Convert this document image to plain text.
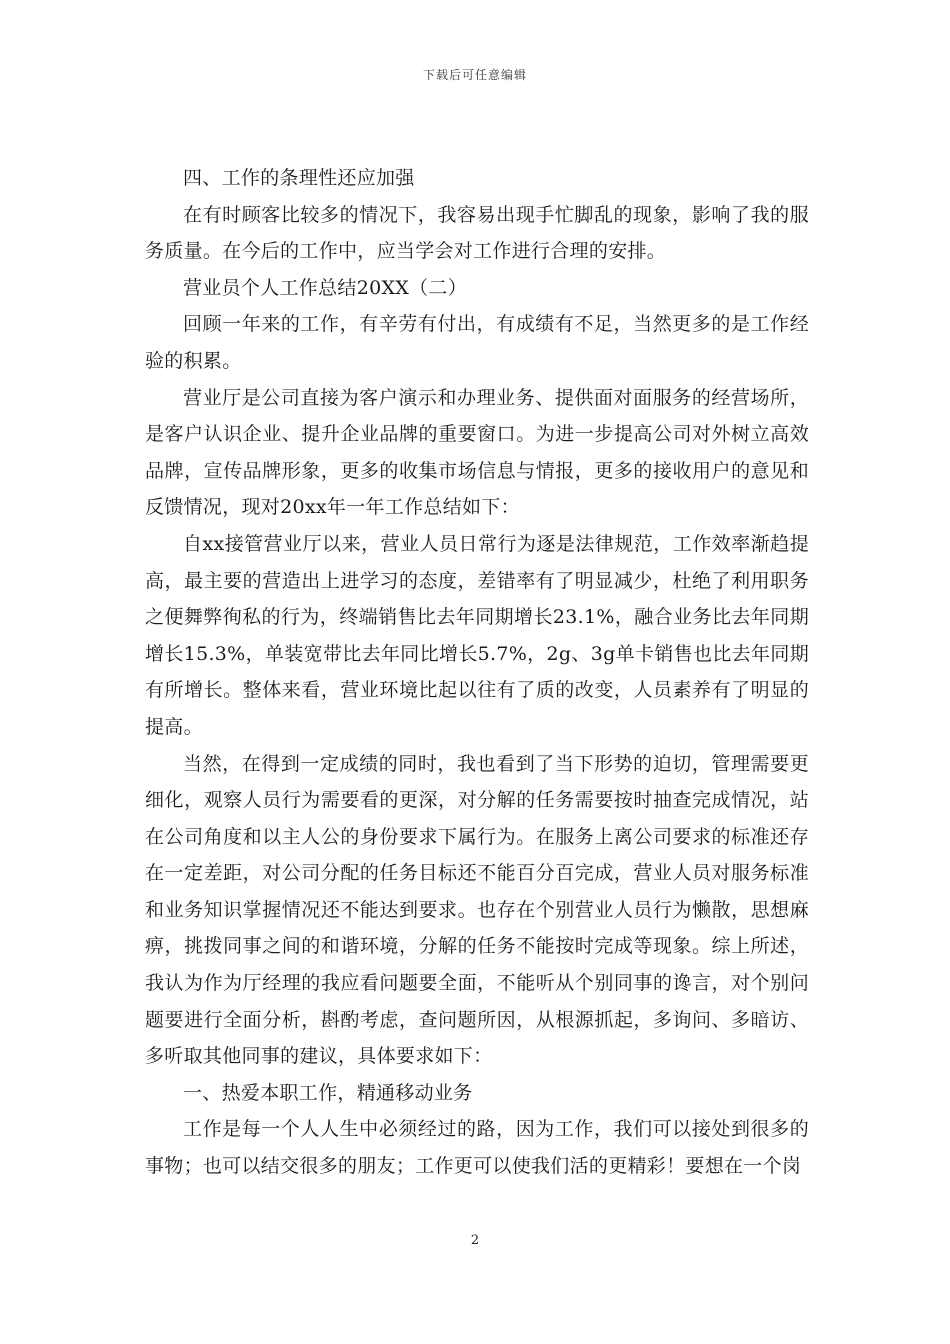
下载后可任意编辑

四、工作的条理性还应加强

在有时顾客比较多的情况下，我容易出现手忙脚乱的现象，影响了我的服务质量。在今后的工作中，应当学会对工作进行合理的安排。

营业员个人工作总结20XX（二）

回顾一年来的工作，有辛劳有付出，有成绩有不足，当然更多的是工作经验的积累。

营业厅是公司直接为客户演示和办理业务、提供面对面服务的经营场所，是客户认识企业、提升企业品牌的重要窗口。为进一步提高公司对外树立高效品牌，宣传品牌形象，更多的收集市场信息与情报，更多的接收用户的意见和反馈情况，现对20xx年一年工作总结如下：

自xx接管营业厅以来，营业人员日常行为逐是法律规范，工作效率渐趋提高，最主要的营造出上进学习的态度，差错率有了明显减少，杜绝了利用职务之便舞弊徇私的行为，终端销售比去年同期增长23.1%，融合业务比去年同期增长15.3%，单装宽带比去年同比增长5.7%，2g、3g单卡销售也比去年同期有所增长。整体来看，营业环境比起以往有了质的改变，人员素养有了明显的提高。

当然，在得到一定成绩的同时，我也看到了当下形势的迫切，管理需要更细化，观察人员行为需要看的更深，对分解的任务需要按时抽查完成情况，站在公司角度和以主人公的身份要求下属行为。在服务上离公司要求的标准还存在一定差距，对公司分配的任务目标还不能百分百完成，营业人员对服务标准和业务知识掌握情况还不能达到要求。也存在个别营业人员行为懒散，思想麻痹，挑拨同事之间的和谐环境，分解的任务不能按时完成等现象。综上所述，我认为作为厅经理的我应看问题要全面，不能听从个别同事的谗言，对个别问题要进行全面分析，斟酌考虑，查问题所因，从根源抓起，多询问、多暗访、多听取其他同事的建议，具体要求如下：

一、热爱本职工作，精通移动业务

工作是每一个人人生中必须经过的路，因为工作，我们可以接处到很多的事物；也可以结交很多的朋友；工作更可以使我们活的更精彩！要想在一个岗

2
